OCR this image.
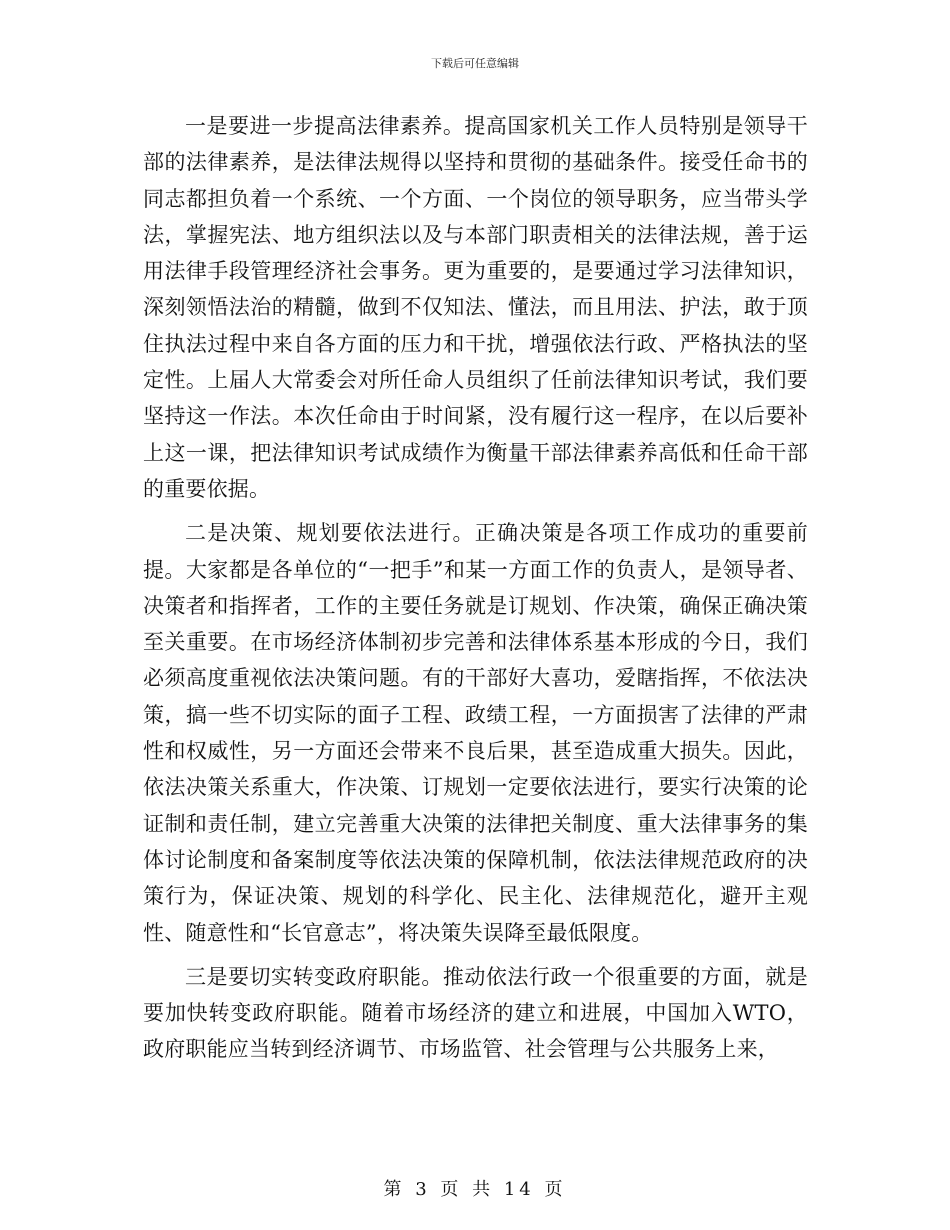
下载后可任意编辑

一是要进一步提高法律素养。提高国家机关工作人员特别是领导干部的法律素养，是法律法规得以坚持和贯彻的基础条件。接受任命书的同志都担负着一个系统、一个方面、一个岗位的领导职务，应当带头学法，掌握宪法、地方组织法以及与本部门职责相关的法律法规，善于运用法律手段管理经济社会事务。更为重要的，是要通过学习法律知识，深刻领悟法治的精髓，做到不仅知法、懂法，而且用法、护法，敢于顶住执法过程中来自各方面的压力和干扰，增强依法行政、严格执法的坚定性。上届人大常委会对所任命人员组织了任前法律知识考试，我们要坚持这一作法。本次任命由于时间紧，没有履行这一程序，在以后要补上这一课，把法律知识考试成绩作为衡量干部法律素养高低和任命干部的重要依据。

二是决策、规划要依法进行。正确决策是各项工作成功的重要前提。大家都是各单位的“一把手”和某一方面工作的负责人，是领导者、决策者和指挥者，工作的主要任务就是订规划、作决策，确保正确决策至关重要。在市场经济体制初步完善和法律体系基本形成的今日，我们必须高度重视依法决策问题。有的干部好大喜功，爱瞎指挥，不依法决策，搞一些不切实际的面子工程、政绩工程，一方面损害了法律的严肃性和权威性，另一方面还会带来不良后果，甚至造成重大损失。因此，依法决策关系重大，作决策、订规划一定要依法进行，要实行决策的论证制和责任制，建立完善重大决策的法律把关制度、重大法律事务的集体讨论制度和备案制度等依法决策的保障机制，依法法律规范政府的决策行为，保证决策、规划的科学化、民主化、法律规范化，避开主观性、随意性和“长官意志”，将决策失误降至最低限度。

三是要切实转变政府职能。推动依法行政一个很重要的方面，就是要加快转变政府职能。随着市场经济的建立和进展，中国加入WTO，政府职能应当转到经济调节、市场监管、社会管理与公共服务上来，

第 3 页 共 14 页
